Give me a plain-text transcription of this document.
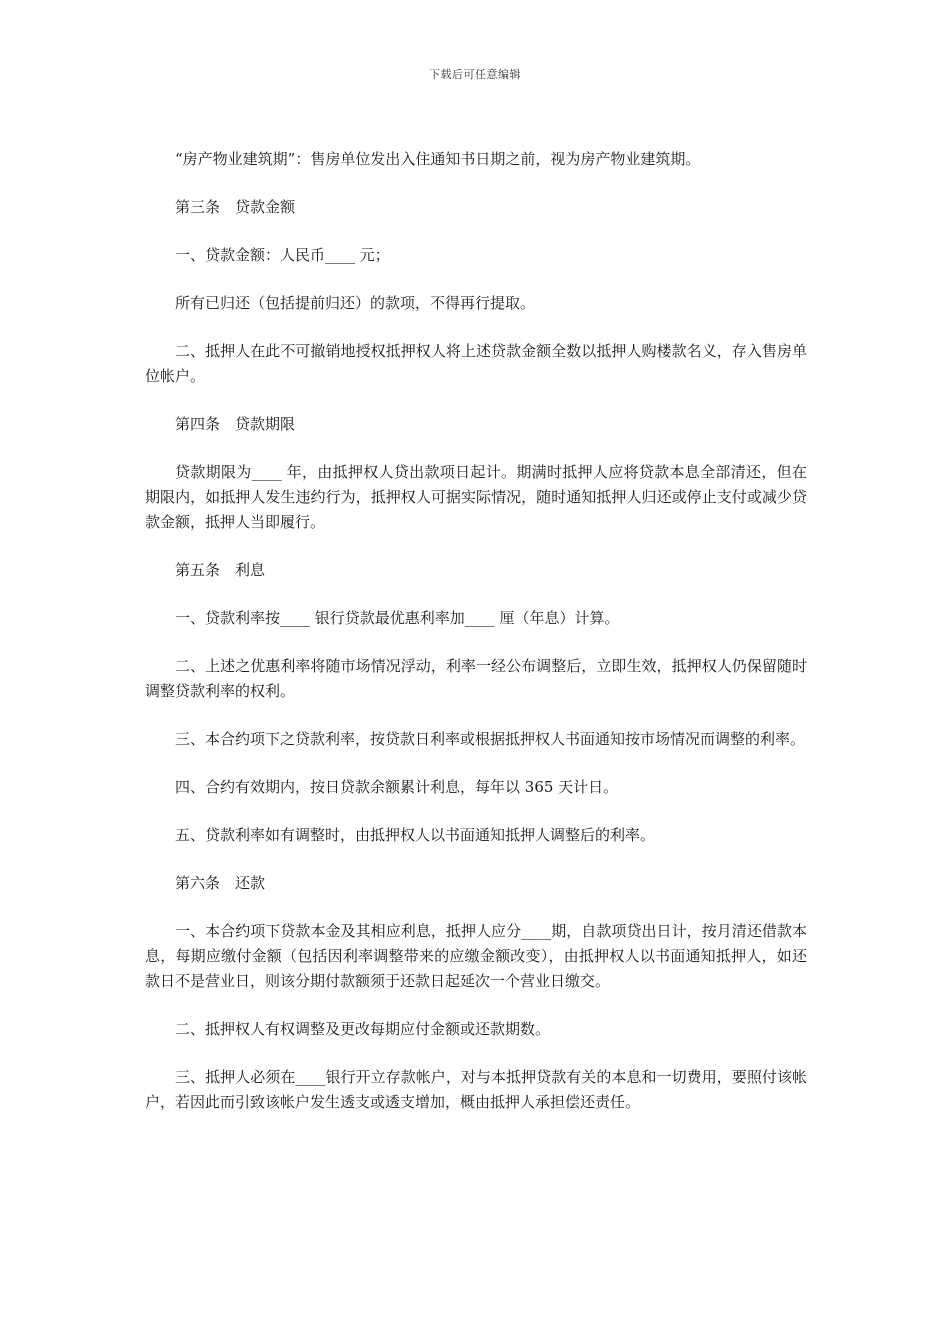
下载后可任意编辑

“房产物业建筑期”：售房单位发出入住通知书日期之前，视为房产物业建筑期。

第三条　贷款金额

一、贷款金额：人民币____ 元；

所有已归还（包括提前归还）的款项，不得再行提取。

二、抵押人在此不可撤销地授权抵押权人将上述贷款金额全数以抵押人购楼款名义，存入售房单位帐户。

第四条　贷款期限

贷款期限为____ 年，由抵押权人贷出款项日起计。期满时抵押人应将贷款本息全部清还，但在期限内，如抵押人发生违约行为，抵押权人可据实际情况，随时通知抵押人归还或停止支付或减少贷款金额，抵押人当即履行。

第五条　利息

一、贷款利率按____ 银行贷款最优惠利率加____ 厘（年息）计算。

二、上述之优惠利率将随市场情况浮动，利率一经公布调整后，立即生效，抵押权人仍保留随时调整贷款利率的权利。

三、本合约项下之贷款利率，按贷款日利率或根据抵押权人书面通知按市场情况而调整的利率。

四、合约有效期内，按日贷款余额累计利息，每年以 365 天计日。

五、贷款利率如有调整时，由抵押权人以书面通知抵押人调整后的利率。

第六条　还款

一、本合约项下贷款本金及其相应利息，抵押人应分____期，自款项贷出日计，按月清还借款本息，每期应缴付金额（包括因利率调整带来的应缴金额改变），由抵押权人以书面通知抵押人，如还款日不是营业日，则该分期付款额须于还款日起延次一个营业日缴交。

二、抵押权人有权调整及更改每期应付金额或还款期数。

三、抵押人必须在____银行开立存款帐户，对与本抵押贷款有关的本息和一切费用，要照付该帐户，若因此而引致该帐户发生透支或透支增加，概由抵押人承担偿还责任。
